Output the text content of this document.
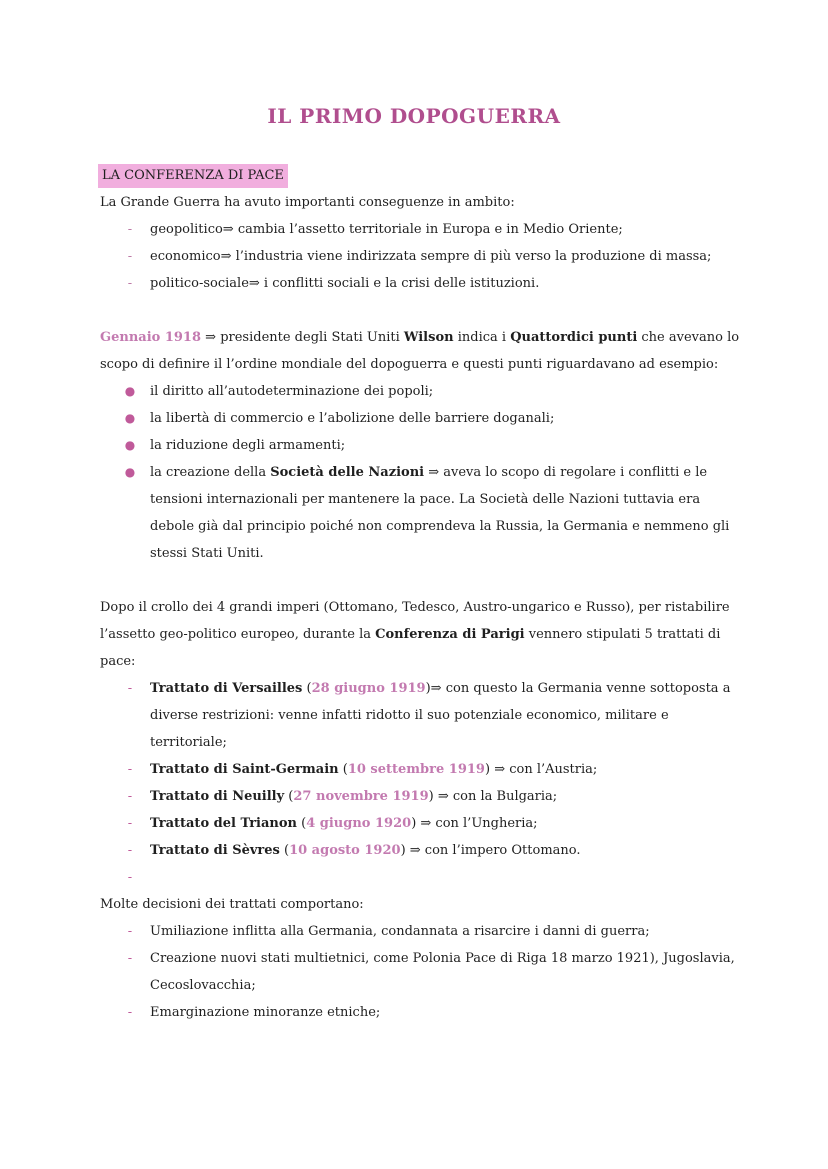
IL PRIMO DOPOGUERRA
LA CONFERENZA DI PACE

La Grande Guerra ha avuto importanti conseguenze in ambito:

-	geopolitico⇒ cambia l’assetto territoriale in Europa e in Medio Oriente;
-	economico⇒ l’industria viene indirizzata sempre di più verso la produzione di massa;
-	politico-sociale⇒ i conflitti sociali e la crisi delle istituzioni.

Gennaio 1918 ⇒ presidente degli Stati Uniti Wilson indica i Quattordici punti che avevano lo scopo di definire il l’ordine mondiale del dopoguerra e questi punti riguardavano ad esempio:

● il diritto all’autodeterminazione dei popoli;
● la libertà di commercio e l’abolizione delle barriere doganali;
● la riduzione degli armamenti;
● la creazione della Società delle Nazioni ⇒ aveva lo scopo di regolare i conflitti e le tensioni internazionali per mantenere la pace. La Società delle Nazioni tuttavia era debole già dal principio poiché non comprendeva la Russia, la Germania e nemmeno gli stessi Stati Uniti.

Dopo il crollo dei 4 grandi imperi (Ottomano, Tedesco, Austro-ungarico e Russo), per ristabilire l’assetto geo-politico europeo, durante la Conferenza di Parigi vennero stipulati 5 trattati di pace:

-	Trattato di Versailles (28 giugno 1919)⇒ con questo la Germania venne sottoposta a diverse restrizioni: venne infatti ridotto il suo potenziale economico, militare e territoriale;
-	Trattato di Saint-Germain (10 settembre 1919) ⇒ con l’Austria;
-	Trattato di Neuilly (27 novembre 1919) ⇒ con la Bulgaria;
-	Trattato del Trianon (4 giugno 1920) ⇒ con l’Ungheria;
-	Trattato di Sèvres (10 agosto 1920) ⇒ con l’impero Ottomano.
-

Molte decisioni dei trattati comportano:

-	Umiliazione inflitta alla Germania, condannata a risarcire i danni di guerra;
-	Creazione nuovi stati multietnici, come Polonia Pace di Riga 18 marzo 1921), Jugoslavia, Cecoslovacchia;
-	Emarginazione minoranze etniche;
